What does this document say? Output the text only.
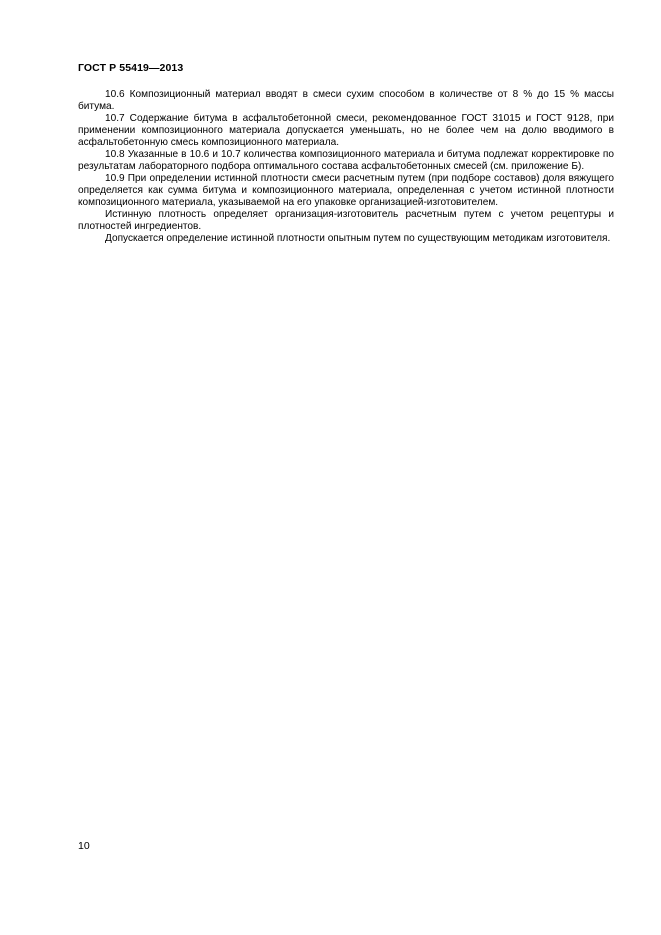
ГОСТ Р 55419—2013

10.6 Композиционный материал вводят в смеси сухим способом в количестве от 8 % до 15 % массы битума.

10.7 Содержание битума в асфальтобетонной смеси, рекомендованное ГОСТ 31015 и ГОСТ 9128, при применении композиционного материала допускается уменьшать, но не более чем на долю вводимого в асфальтобетонную смесь композиционного материала.

10.8 Указанные в 10.6 и 10.7 количества композиционного материала и битума подлежат корректировке по результатам лабораторного подбора оптимального состава асфальтобетонных смесей (см. приложение Б).

10.9 При определении истинной плотности смеси расчетным путем (при подборе составов) доля вяжущего определяется как сумма битума и композиционного материала, определенная с учетом истинной плотности композиционного материала, указываемой на его упаковке организацией-изготовителем.

Истинную плотность определяет организация-изготовитель расчетным путем с учетом рецептуры и плотностей ингредиентов.

Допускается определение истинной плотности опытным путем по существующим методикам изготовителя.

10
